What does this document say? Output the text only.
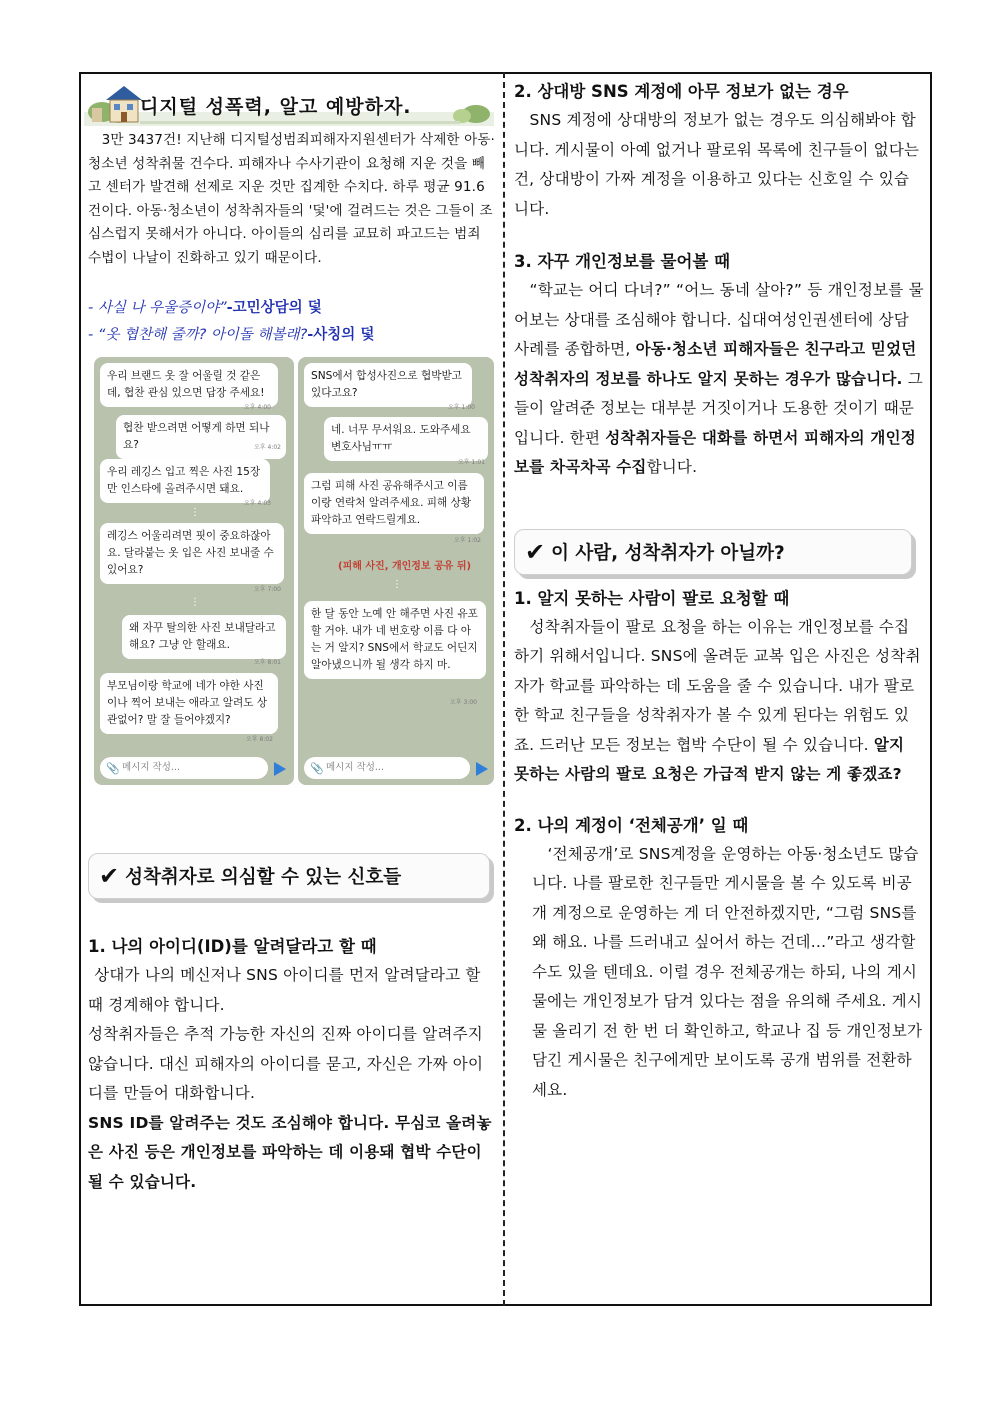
디지털 성폭력, 알고 예방하자.

3만 3437건! 지난해 디지털성범죄피해자지원센터가 삭제한 아동·청소년 성착취물 건수다. 피해자나 수사기관이 요청해 지운 것을 빼고 센터가 발견해 선제로 지운 것만 집계한 수치다. 하루 평균 91.6건이다. 아동·청소년이 성착취자들의 '덫'에 걸려드는 것은 그들이 조심스럽지 못해서가 아니다. 아이들의 심리를 교묘히 파고드는 범죄 수법이 나날이 진화하고 있기 때문이다.

- 사실 나 우울증이야”-고민상담의 덫
- “옷 협찬해 줄까? 아이돌 해볼래?-사칭의 덫
우리 브랜드 옷 잘 어울릴 것 같은데, 협찬 관심 있으면 답장 주세요!
오후 4:00
협찬 받으려면 어떻게 하면 되나요?	오후 4:02
우리 레깅스 입고 찍은 사진 15장만 인스타에 올려주시면 돼요.
오후 4:03
⋮
레깅스 어울리려면 핏이 중요하잖아요. 달라붙는 옷 입은 사진 보내줄 수 있어요?
오후 7:00
⋮
왜 자꾸 탈의한 사진 보내달라고 해요? 그냥 안 할래요.
오후 8:01
부모님이랑 학교에 네가 야한 사진이나 찍어 보내는 애라고 알려도 상관없어? 말 잘 들어야겠지?
오후 8:02
메시지 작성...
📎
SNS에서 합성사진으로 협박받고 있다고요?
오후 1:00
네. 너무 무서워요. 도와주세요 변호사님ㅠㅠ
오후 1:01
그럼 피해 사진 공유해주시고 이름이랑 연락처 알려주세요. 피해 상황 파악하고 연락드릴게요.
오후 1:02
(피해 사진, 개인정보 공유 뒤)
⋮
한 달 동안 노예 안 해주면 사진 유포할 거야. 내가 네 번호랑 이름 다 아는 거 알지? SNS에서 학교도 어딘지 알아냈으니까 될 생각 하지 마.
오후 3:00
메시지 작성...
📎
✔ 성착취자로 의심할 수 있는 신호들
1. 나의 아이디(ID)를 알려달라고 할 때

상대가 나의 메신저나 SNS 아이디를 먼저 알려달라고 할 때 경계해야 합니다.

성착취자들은 추적 가능한 자신의 진짜 아이디를 알려주지 않습니다. 대신 피해자의 아이디를 묻고, 자신은 가짜 아이디를 만들어 대화합니다.

SNS ID를 알려주는 것도 조심해야 합니다. 무심코 올려놓은 사진 등은 개인정보를 파악하는 데 이용돼 협박 수단이 될 수 있습니다.

2. 상대방 SNS 계정에 아무 정보가 없는 경우

SNS 계정에 상대방의 정보가 없는 경우도 의심해봐야 합니다. 게시물이 아예 없거나 팔로워 목록에 친구들이 없다는 건, 상대방이 가짜 계정을 이용하고 있다는 신호일 수 있습니다.

3. 자꾸 개인정보를 물어볼 때

“학교는 어디 다녀?” “어느 동네 살아?” 등 개인정보를 물어보는 상대를 조심해야 합니다. 십대여성인권센터에 상담 사례를 종합하면, 아동·청소년 피해자들은 친구라고 믿었던 성착취자의 정보를 하나도 알지 못하는 경우가 많습니다. 그들이 알려준 정보는 대부분 거짓이거나 도용한 것이기 때문입니다. 한편 성착취자들은 대화를 하면서 피해자의 개인정보를 차곡차곡 수집합니다.

✔ 이 사람, 성착취자가 아닐까?
1. 알지 못하는 사람이 팔로 요청할 때

성착취자들이 팔로 요청을 하는 이유는 개인정보를 수집하기 위해서입니다. SNS에 올려둔 교복 입은 사진은 성착취자가 학교를 파악하는 데 도움을 줄 수 있습니다. 내가 팔로한 학교 친구들을 성착취자가 볼 수 있게 된다는 위험도 있죠. 드러난 모든 정보는 협박 수단이 될 수 있습니다. 알지 못하는 사람의 팔로 요청은 가급적 받지 않는 게 좋겠죠?

2. 나의 계정이 ‘전체공개’ 일 때

‘전체공개’로 SNS계정을 운영하는 아동·청소년도 많습니다. 나를 팔로한 친구들만 게시물을 볼 수 있도록 비공개 계정으로 운영하는 게 더 안전하겠지만, “그럼 SNS를 왜 해요. 나를 드러내고 싶어서 하는 건데…”라고 생각할 수도 있을 텐데요. 이럴 경우 전체공개는 하되, 나의 게시물에는 개인정보가 담겨 있다는 점을 유의해 주세요. 게시물 올리기 전 한 번 더 확인하고, 학교나 집 등 개인정보가 담긴 게시물은 친구에게만 보이도록 공개 범위를 전환하세요.
